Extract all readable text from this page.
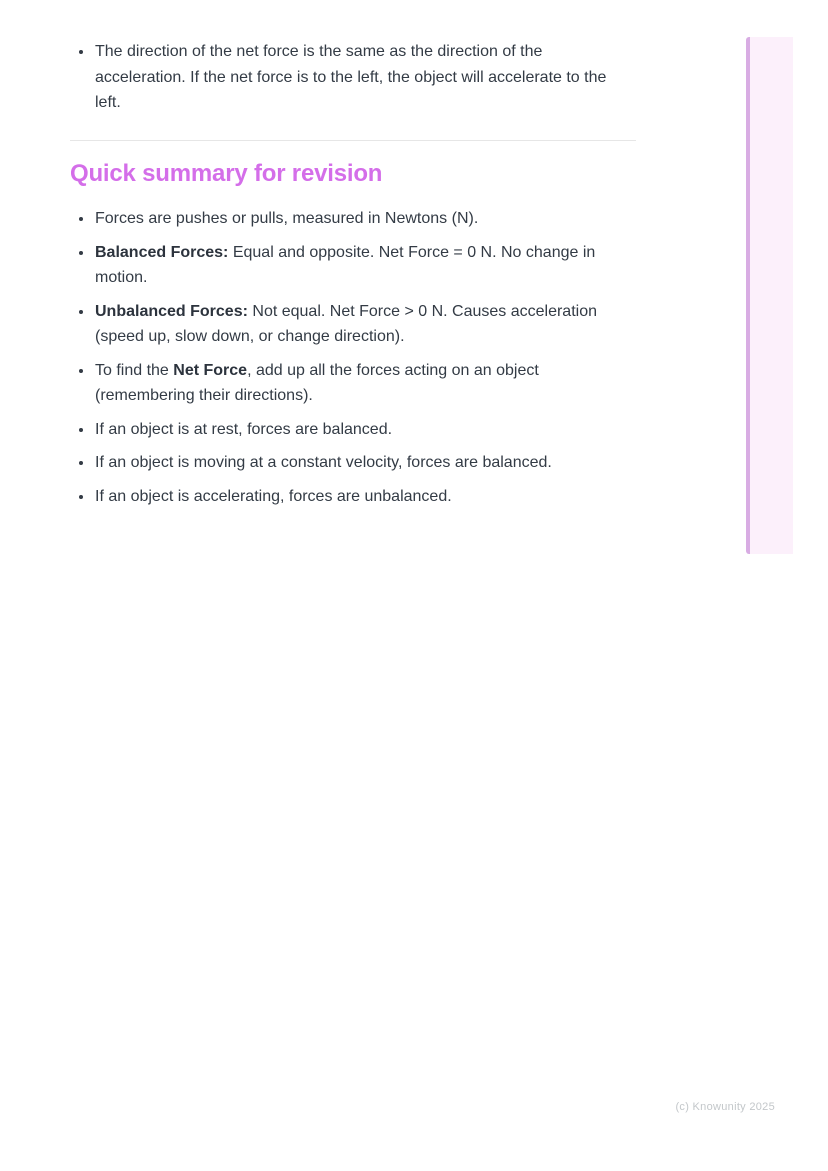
• The direction of the net force is the same as the direction of the acceleration. If the net force is to the left, the object will accelerate to the left.
Quick summary for revision
• Forces are pushes or pulls, measured in Newtons (N).
• Balanced Forces: Equal and opposite. Net Force = 0 N. No change in motion.
• Unbalanced Forces: Not equal. Net Force > 0 N. Causes acceleration (speed up, slow down, or change direction).
• To find the Net Force, add up all the forces acting on an object (remembering their directions).
• If an object is at rest, forces are balanced.
• If an object is moving at a constant velocity, forces are balanced.
• If an object is accelerating, forces are unbalanced.
(c) Knowunity 2025
